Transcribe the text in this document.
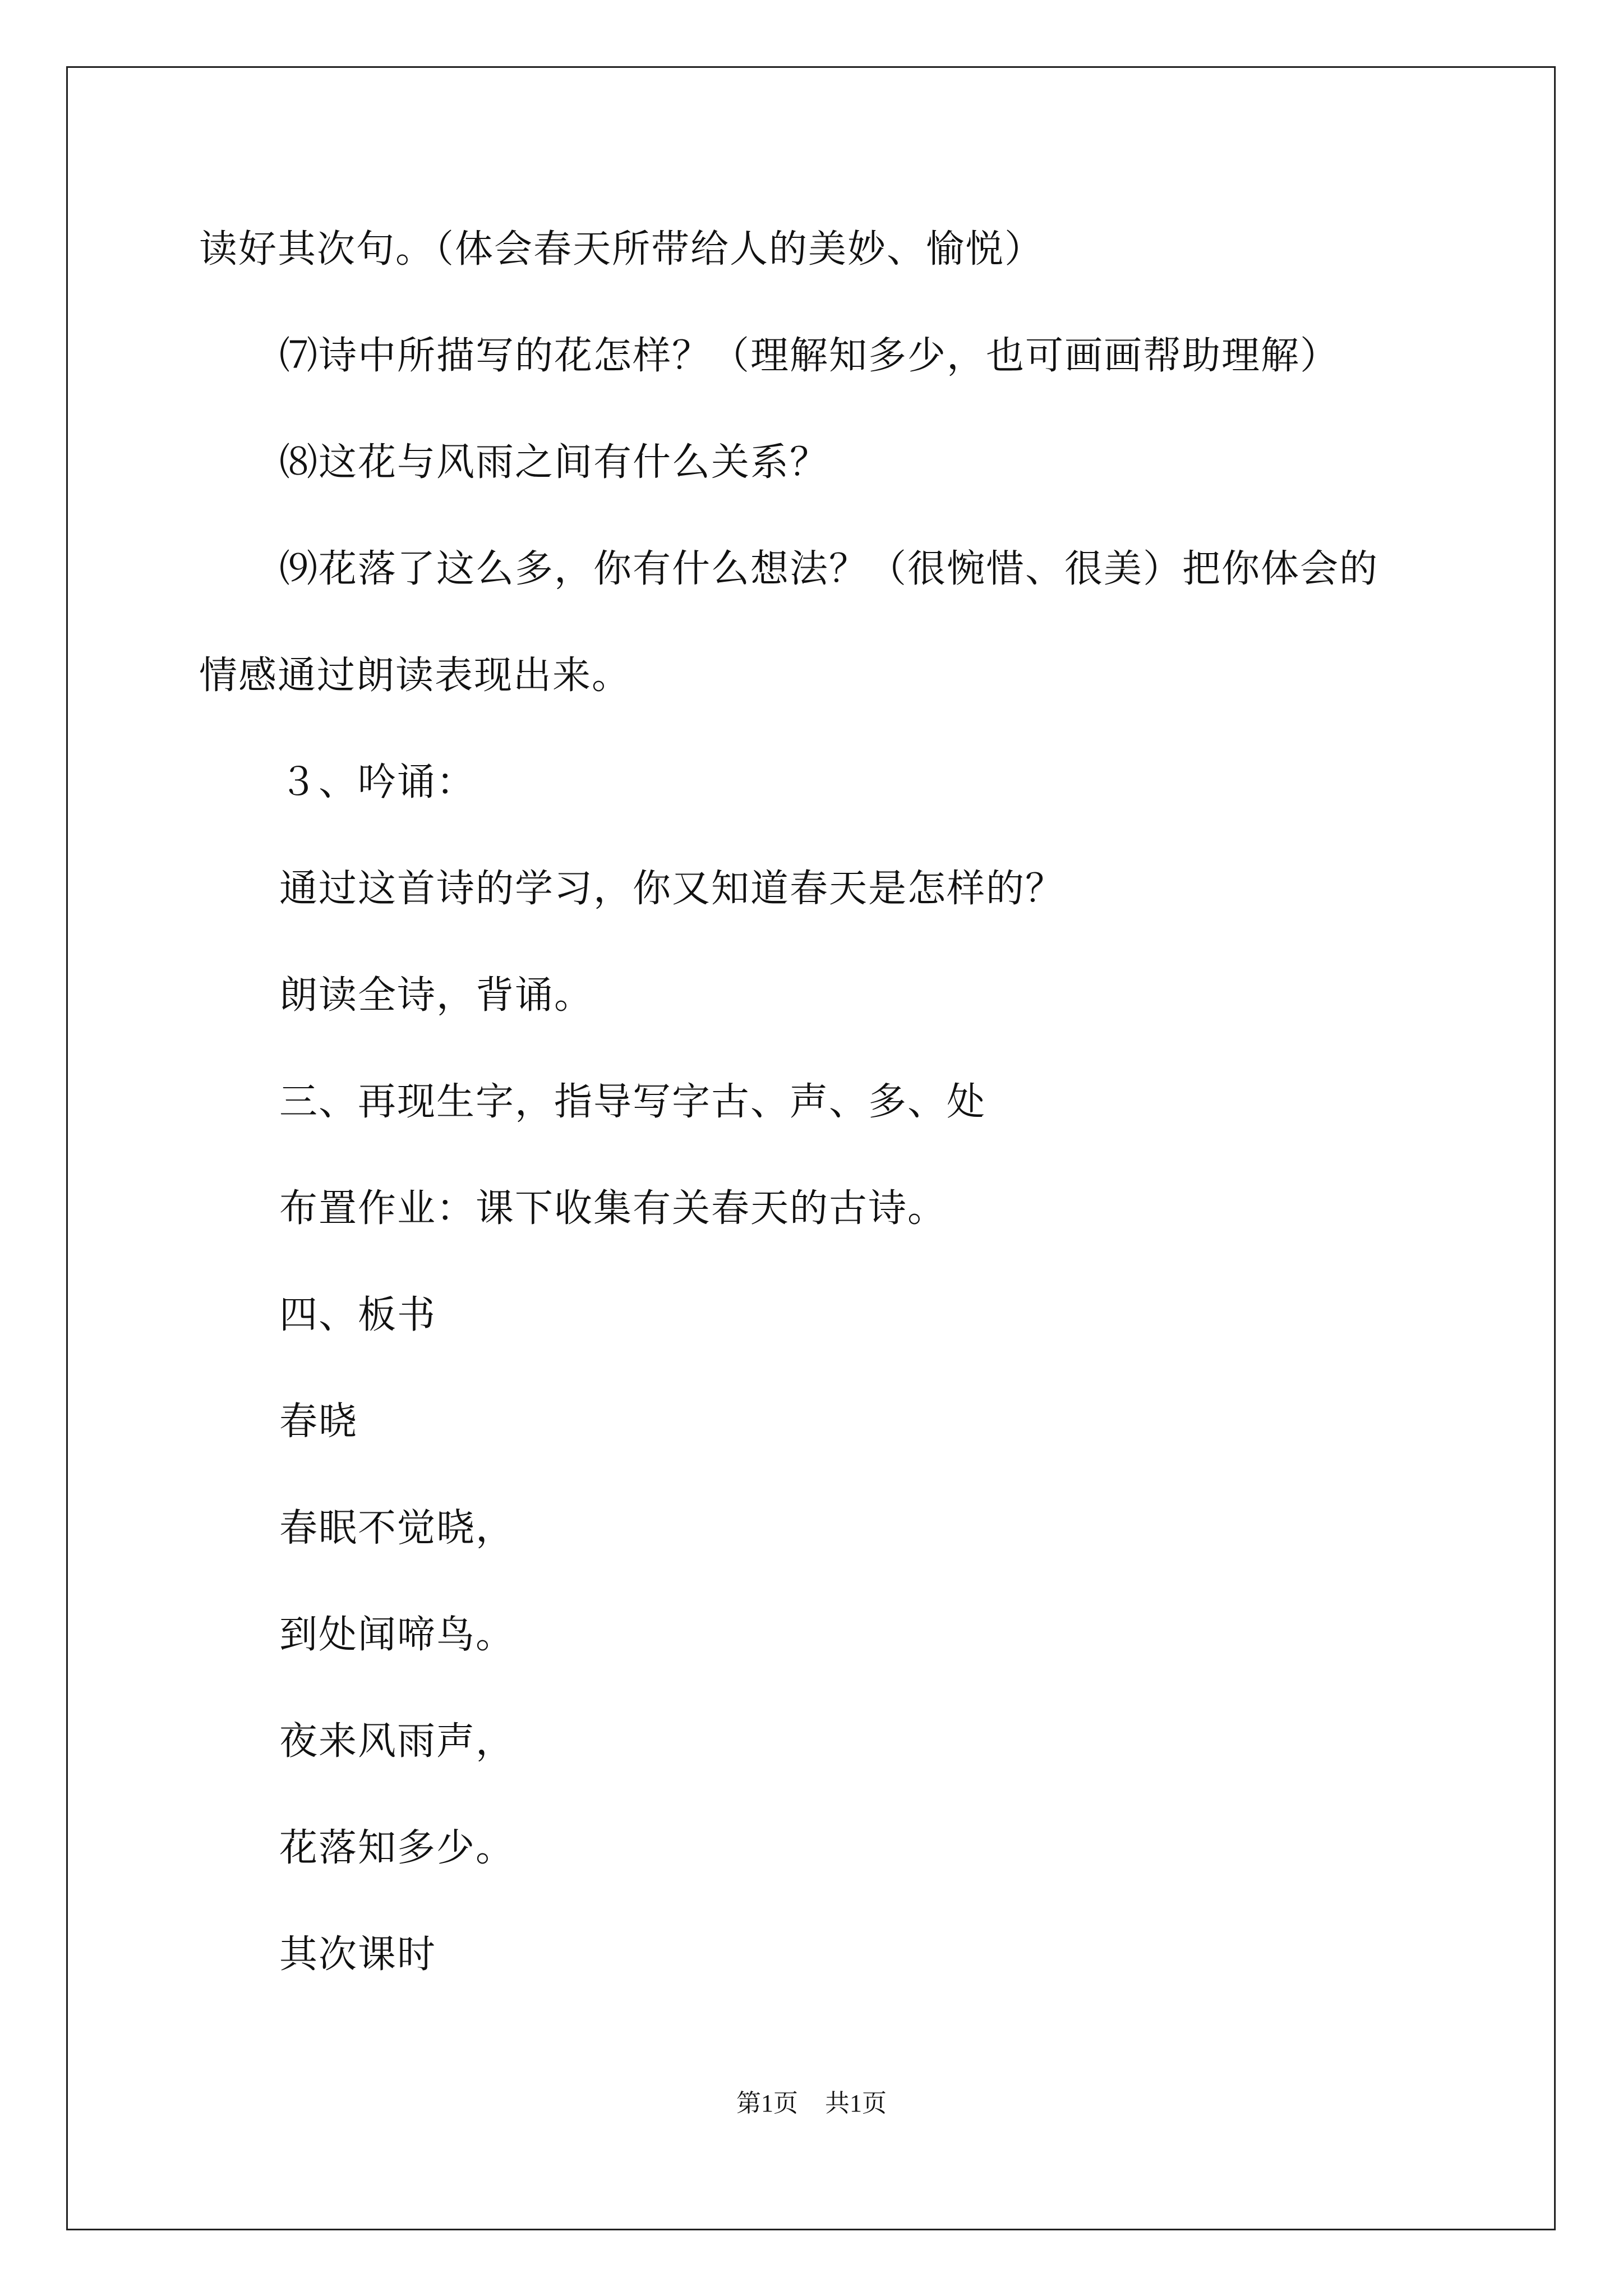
读好其次句。（体会春天所带给人的美妙、愉悦）
⑺诗中所描写的花怎样？（理解知多少，也可画画帮助理解）
⑻这花与风雨之间有什么关系？
⑼花落了这么多，你有什么想法？（很惋惜、很美）把你体会的
情感通过朗读表现出来。
３、吟诵：
通过这首诗的学习，你又知道春天是怎样的？
朗读全诗，背诵。
三、再现生字，指导写字古、声、多、处
布置作业：课下收集有关春天的古诗。
四、板书
春晓
春眠不觉晓，
到处闻啼鸟。
夜来风雨声，
花落知多少。
其次课时
第1页 共1页
